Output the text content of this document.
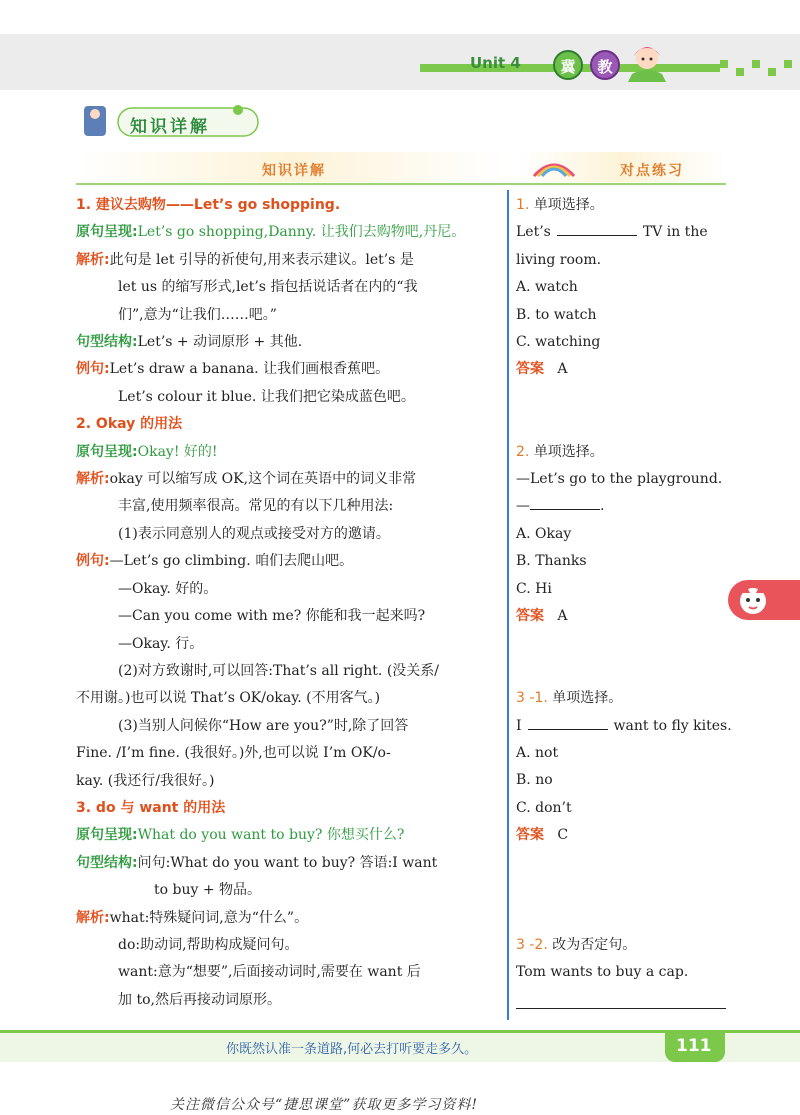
Unit 4	冀	教
知识详解
知识详解	对点练习
1. 建议去购物——Let’s go shopping.
原句呈现:Let’s go shopping,Danny. 让我们去购物吧,丹尼。
解析:此句是 let 引导的祈使句,用来表示建议。let’s 是
let us 的缩写形式,let’s 指包括说话者在内的“我
们”,意为“让我们……吧。”
句型结构:Let’s + 动词原形 + 其他.
例句:Let’s draw a banana. 让我们画根香蕉吧。
Let’s colour it blue. 让我们把它染成蓝色吧。
2. Okay 的用法
原句呈现:Okay! 好的!
解析:okay 可以缩写成 OK,这个词在英语中的词义非常
丰富,使用频率很高。常见的有以下几种用法:
(1)表示同意别人的观点或接受对方的邀请。
例句:—Let’s go climbing. 咱们去爬山吧。
—Okay. 好的。
—Can you come with me? 你能和我一起来吗?
—Okay. 行。
(2)对方致谢时,可以回答:That’s all right. (没关系/
不用谢。)也可以说 That’s OK/okay. (不用客气。)
(3)当别人问候你“How are you?”时,除了回答
Fine. /I’m fine. (我很好。)外,也可以说 I’m OK/o-
kay. (我还行/我很好。)
3. do 与 want 的用法
原句呈现:What do you want to buy? 你想买什么?
句型结构:问句:What do you want to buy? 答语:I want
to buy + 物品。
解析:what:特殊疑问词,意为“什么”。
do:助动词,帮助构成疑问句。
want:意为“想要”,后面接动词时,需要在 want 后
加 to,然后再接动词原形。
1. 单项选择。
Let’s	TV in the
living room.
A. watch
B. to watch
C. watching
答案 A
2. 单项选择。
—Let’s go to the playground.
—	.
A. Okay
B. Thanks
C. Hi
答案 A
3 -1. 单项选择。
I	want to fly kites.
A. not
B. no
C. don’t
答案 C
3 -2. 改为否定句。
Tom wants to buy a cap.
你既然认准一条道路,何必去打听要走多久。	111
关注微信公众号“捷思课堂”获取更多学习资料!
